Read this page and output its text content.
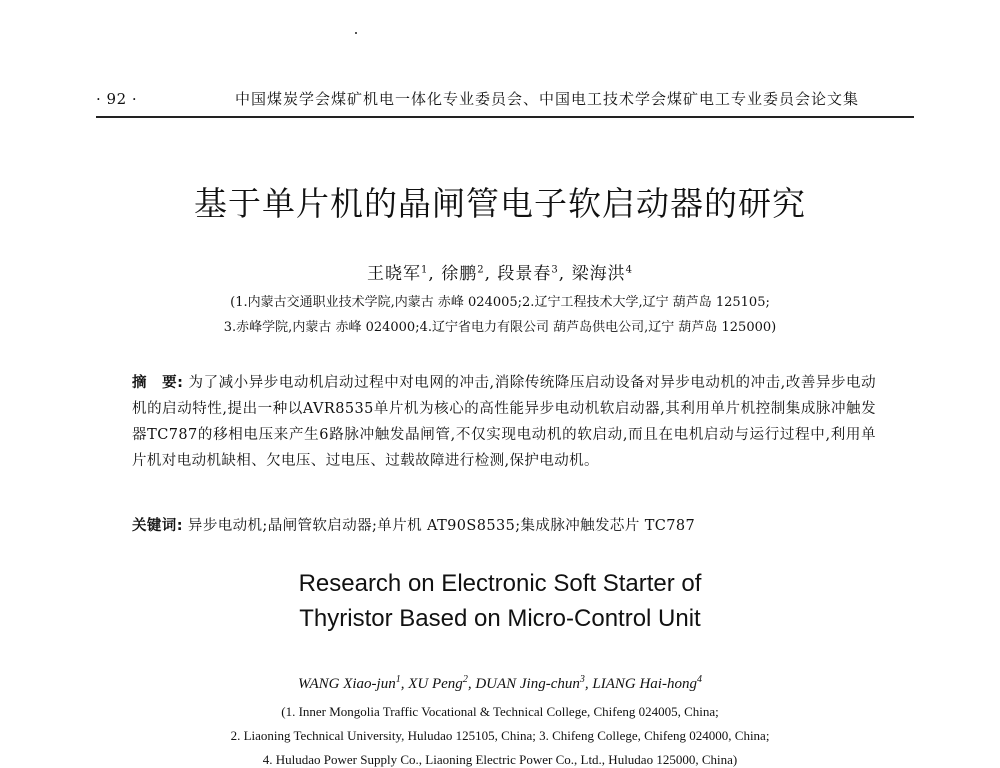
· 92 ·	中国煤炭学会煤矿机电一体化专业委员会、中国电工技术学会煤矿电工专业委员会论文集
基于单片机的晶闸管电子软启动器的研究
王晓军$^1$, 徐鹏$^2$, 段景春$^3$, 梁海洪$^4$
(1.内蒙古交通职业技术学院,内蒙古 赤峰 024005;2.辽宁工程技术大学,辽宁 葫芦岛 125105;
3.赤峰学院,内蒙古 赤峰 024000;4.辽宁省电力有限公司 葫芦岛供电公司,辽宁 葫芦岛 125000)
摘　要: 为了减小异步电动机启动过程中对电网的冲击,消除传统降压启动设备对异步电动机的冲击,改善异步电动机的启动特性,提出一种以AVR8535单片机为核心的高性能异步电动机软启动器,其利用单片机控制集成脉冲触发器TC787的移相电压来产生6路脉冲触发晶闸管,不仅实现电动机的软启动,而且在电机启动与运行过程中,利用单片机对电动机缺相、欠电压、过电压、过载故障进行检测,保护电动机。
关键词: 异步电动机;晶闸管软启动器;单片机 AT90S8535;集成脉冲触发芯片 TC787
Research on Electronic Soft Starter of
Thyristor Based on Micro-Control Unit
WANG Xiao-jun$^1$, XU Peng$^2$, DUAN Jing-chun$^3$, LIANG Hai-hong$^4$
(1. Inner Mongolia Traffic Vocational & Technical College, Chifeng 024005, China;
2. Liaoning Technical University, Huludao 125105, China; 3. Chifeng College, Chifeng 024000, China;
4. Huludao Power Supply Co., Liaoning Electric Power Co., Ltd., Huludao 125000, China)
